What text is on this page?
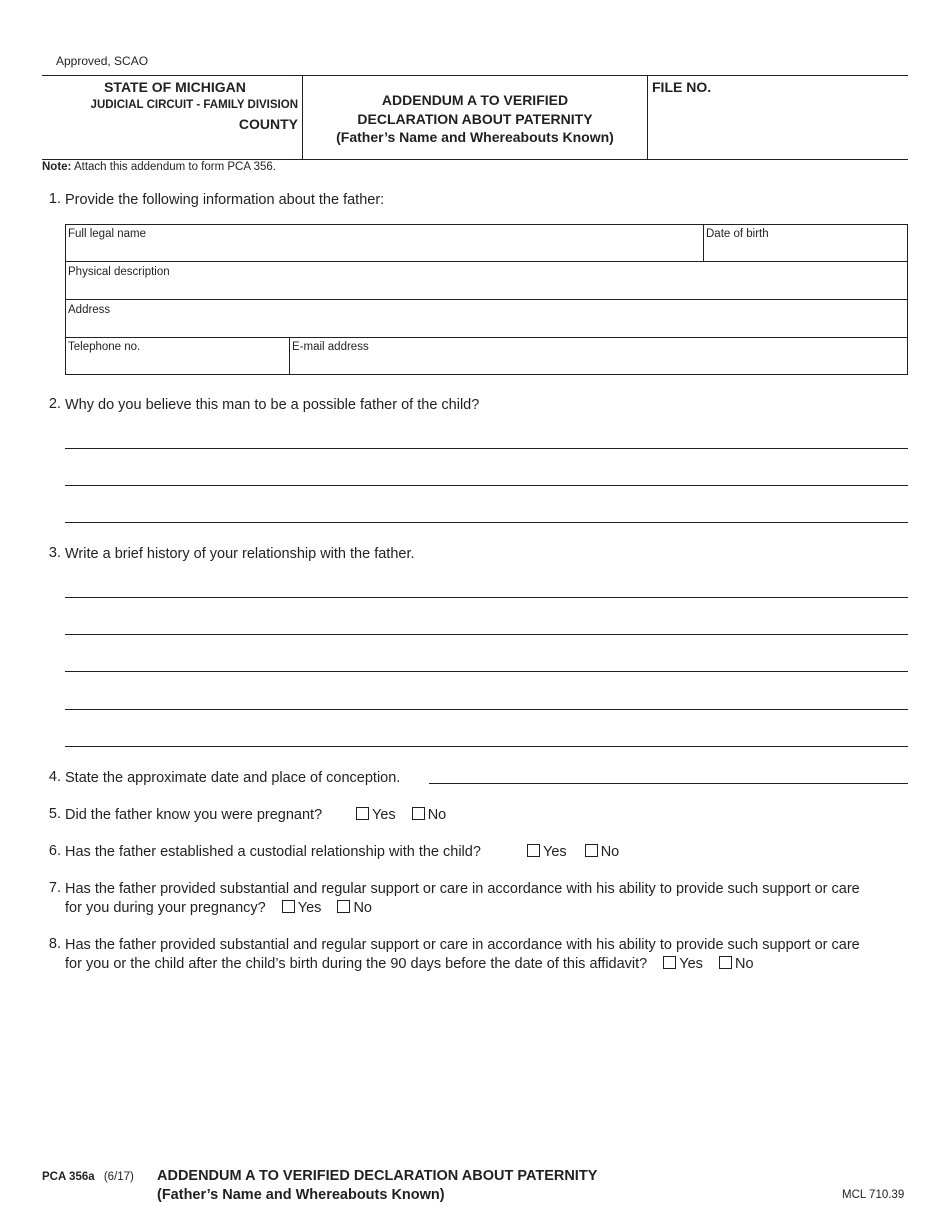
Approved, SCAO
STATE OF MICHIGAN
JUDICIAL CIRCUIT - FAMILY DIVISION
COUNTY
ADDENDUM A TO VERIFIED
DECLARATION ABOUT PATERNITY
(Father’s Name and Whereabouts Known)
FILE NO.
Note: Attach this addendum to form PCA 356.
1. Provide the following information about the father:
Full legal name	Date of birth
Physical description
Address
Telephone no.	E-mail address
2. Why do you believe this man to be a possible father of the child?
3. Write a brief history of your relationship with the father.
4. State the approximate date and place of conception.
5. Did the father know you were pregnant?	Yes No
6. Has the father established a custodial relationship with the child?	Yes No
7. Has the father provided substantial and regular support or care in accordance with his ability to provide such support or care
for you during your pregnancy? Yes No
8. Has the father provided substantial and regular support or care in accordance with his ability to provide such support or care
for you or the child after the child’s birth during the 90 days before the date of this affidavit? Yes No
PCA 356a (6/17) ADDENDUM A TO VERIFIED DECLARATION ABOUT PATERNITY
(Father’s Name and Whereabouts Known)	MCL 710.39
